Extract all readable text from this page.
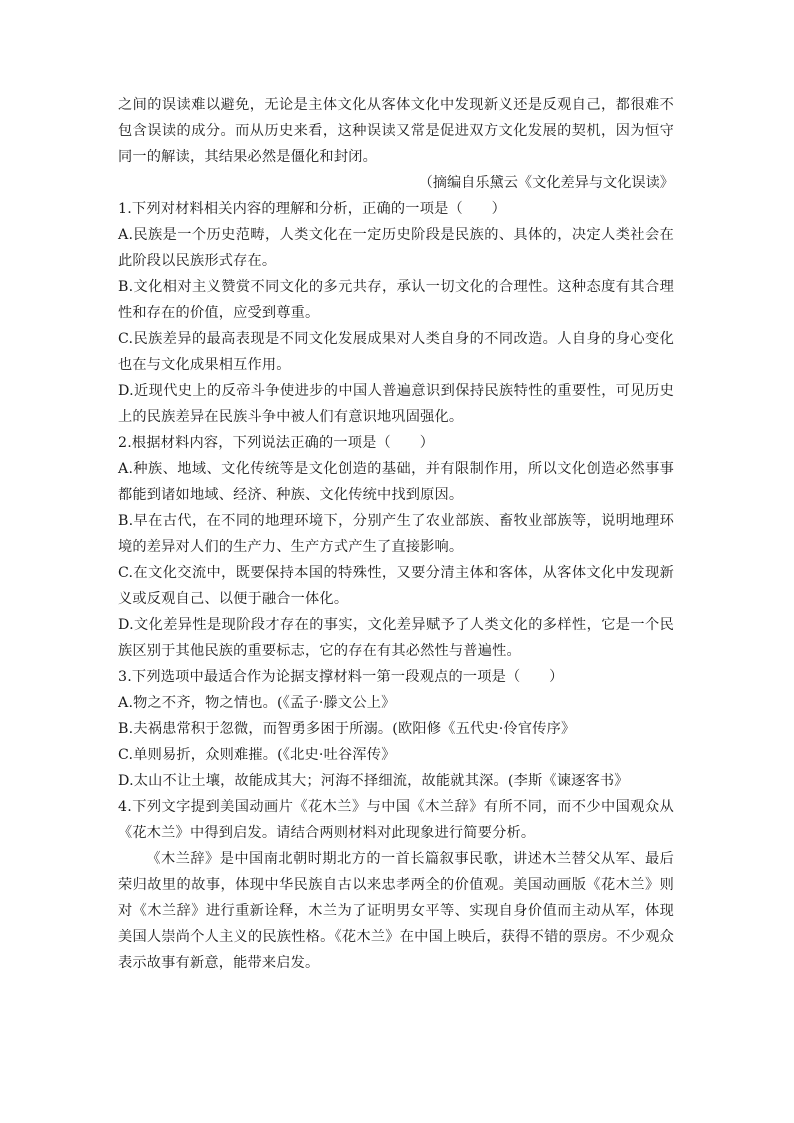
之间的误读难以避免，无论是主体文化从客体文化中发现新义还是反观自己，都很难不包含误读的成分。而从历史来看，这种误读又常是促进双方文化发展的契机，因为恒守同一的解读，其结果必然是僵化和封闭。

（摘编自乐黛云《文化差异与文化误读》

1.下列对材料相关内容的理解和分析，正确的一项是（　　）

A.民族是一个历史范畴，人类文化在一定历史阶段是民族的、具体的，决定人类社会在此阶段以民族形式存在。

B.文化相对主义赞赏不同文化的多元共存，承认一切文化的合理性。这种态度有其合理性和存在的价值，应受到尊重。

C.民族差异的最高表现是不同文化发展成果对人类自身的不同改造。人自身的身心变化也在与文化成果相互作用。

D.近现代史上的反帝斗争使进步的中国人普遍意识到保持民族特性的重要性，可见历史上的民族差异在民族斗争中被人们有意识地巩固强化。

2.根据材料内容，下列说法正确的一项是（　　）

A.种族、地域、文化传统等是文化创造的基础，并有限制作用，所以文化创造必然事事都能到诸如地域、经济、种族、文化传统中找到原因。

B.早在古代，在不同的地理环境下，分别产生了农业部族、畜牧业部族等，说明地理环境的差异对人们的生产力、生产方式产生了直接影响。

C.在文化交流中，既要保持本国的特殊性，又要分清主体和客体，从客体文化中发现新义或反观自己、以便于融合一体化。

D.文化差异性是现阶段才存在的事实，文化差异赋予了人类文化的多样性，它是一个民族区别于其他民族的重要标志，它的存在有其必然性与普遍性。

3.下列选项中最适合作为论据支撑材料一第一段观点的一项是（　　）

A.物之不齐，物之情也。(《孟子·滕文公上》

B.夫祸患常积于忽微，而智勇多困于所溺。(欧阳修《五代史·伶官传序》

C.单则易折，众则难摧。(《北史·吐谷浑传》

D.太山不让土壤，故能成其大；河海不择细流，故能就其深。(李斯《谏逐客书》

4.下列文字提到美国动画片《花木兰》与中国《木兰辞》有所不同，而不少中国观众从《花木兰》中得到启发。请结合两则材料对此现象进行简要分析。

《木兰辞》是中国南北朝时期北方的一首长篇叙事民歌，讲述木兰替父从军、最后荣归故里的故事，体现中华民族自古以来忠孝两全的价值观。美国动画版《花木兰》则对《木兰辞》进行重新诠释，木兰为了证明男女平等、实现自身价值而主动从军，体现美国人崇尚个人主义的民族性格。《花木兰》在中国上映后，获得不错的票房。不少观众表示故事有新意，能带来启发。
